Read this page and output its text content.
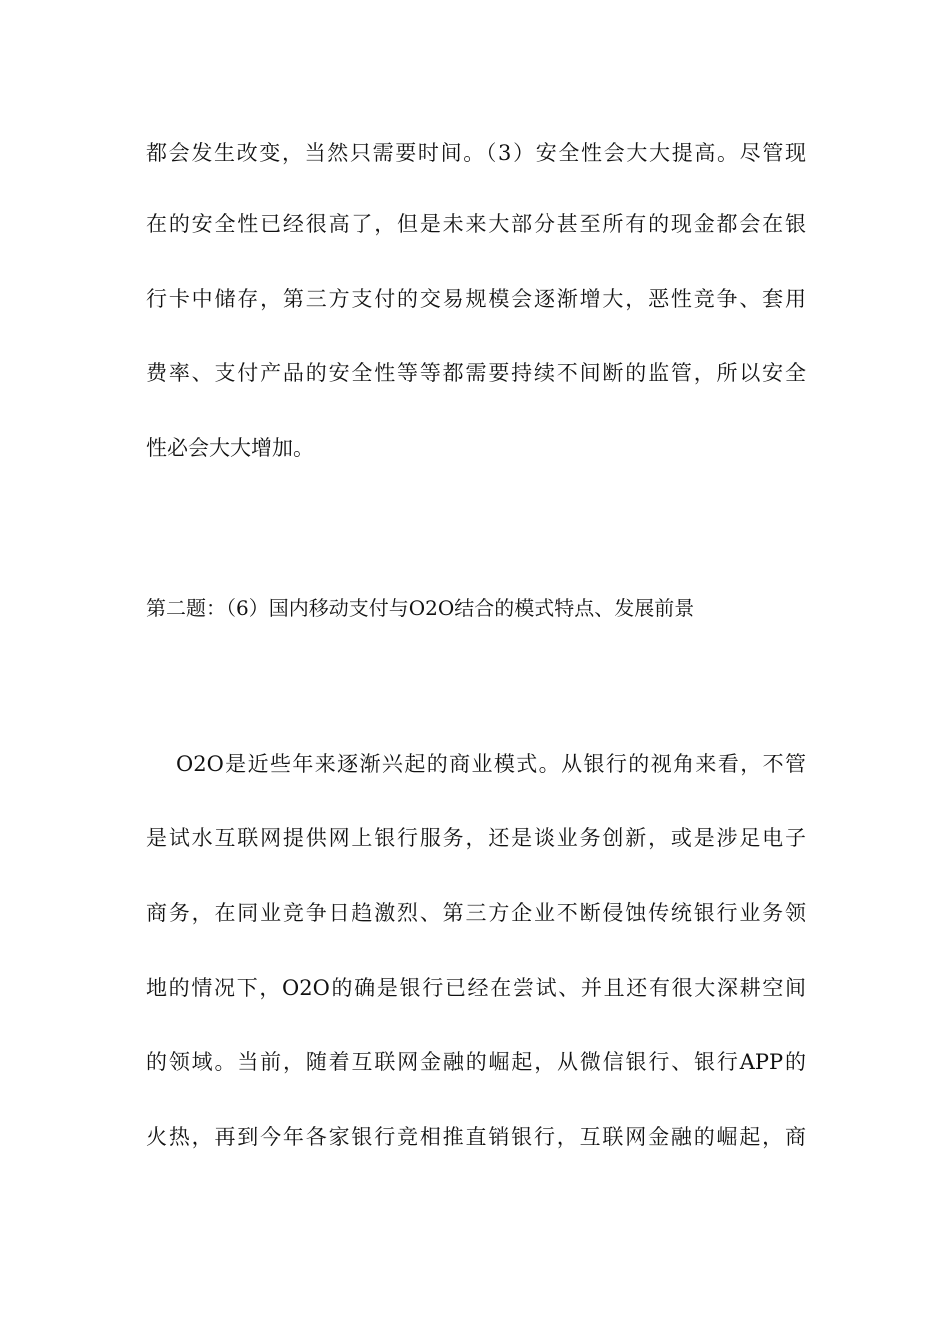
都会发生改变，当然只需要时间。（3）安全性会大大提高。尽管现
在的安全性已经很高了，但是未来大部分甚至所有的现金都会在银
行卡中储存，第三方支付的交易规模会逐渐增大，恶性竞争、套用
费率、支付产品的安全性等等都需要持续不间断的监管，所以安全
性必会大大增加。
第二题：（6）国内移动支付与O2O结合的模式特点、发展前景
O2O是近些年来逐渐兴起的商业模式。从银行的视角来看，不管
是试水互联网提供网上银行服务，还是谈业务创新，或是涉足电子
商务，在同业竞争日趋激烈、第三方企业不断侵蚀传统银行业务领
地的情况下，O2O的确是银行已经在尝试、并且还有很大深耕空间
的领域。当前，随着互联网金融的崛起，从微信银行、银行APP的
火热，再到今年各家银行竞相推直销银行，互联网金融的崛起，商
